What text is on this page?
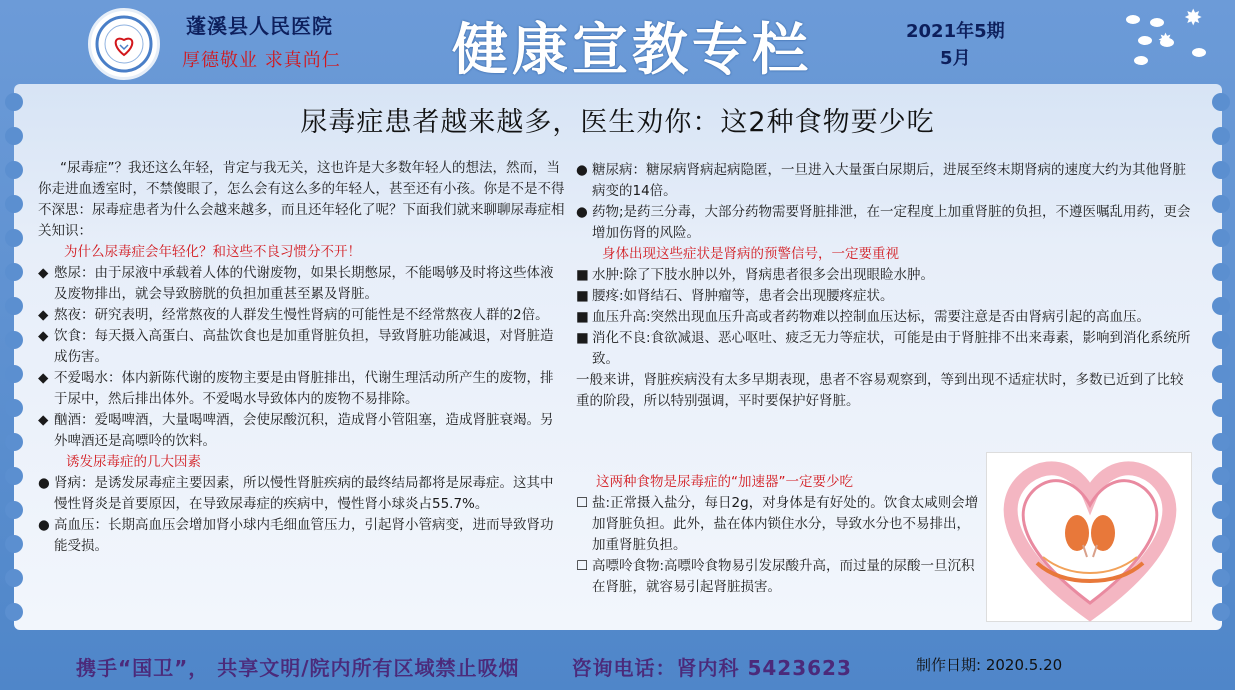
蓬溪县人民医院
厚德敬业 求真尚仁 健康宣教专栏	2021年5期
5月
✸
✸
尿毒症患者越来越多，医生劝你：这2种食物要少吃

“尿毒症”？我还这么年轻，肯定与我无关，这也许是大多数年轻人的想法，然而，当你走进血透室时，不禁傻眼了，怎么会有这么多的年轻人，甚至还有小孩。你是不是不得不深思：尿毒症患者为什么会越来越多，而且还年轻化了呢？下面我们就来聊聊尿毒症相关知识：

为什么尿毒症会年轻化？和这些不良习惯分不开！

◆ 憋尿：由于尿液中承载着人体的代谢废物，如果长期憋尿，不能喝够及时将这些体液及废物排出，就会导致膀胱的负担加重甚至累及肾脏。
◆ 熬夜：研究表明，经常熬夜的人群发生慢性肾病的可能性是不经常熬夜人群的2倍。
◆ 饮食：每天摄入高蛋白、高盐饮食也是加重肾脏负担，导致肾脏功能减退，对肾脏造成伤害。
◆ 不爱喝水：体内新陈代谢的废物主要是由肾脏排出，代谢生理活动所产生的废物，排于尿中，然后排出体外。不爱喝水导致体内的废物不易排除。
◆ 酗酒：爱喝啤酒，大量喝啤酒，会使尿酸沉积，造成肾小管阻塞，造成肾脏衰竭。另外啤酒还是高嘌呤的饮料。

诱发尿毒症的几大因素

● 肾病：是诱发尿毒症主要因素，所以慢性肾脏疾病的最终结局都将是尿毒症。这其中慢性肾炎是首要原因，在导致尿毒症的疾病中，慢性肾小球炎占55.7%。
● 高血压：长期高血压会增加肾小球内毛细血管压力，引起肾小管病变，进而导致肾功能受损。
● 糖尿病：糖尿病肾病起病隐匿，一旦进入大量蛋白尿期后，进展至终末期肾病的速度大约为其他肾脏病变的14倍。
● 药物;是药三分毒，大部分药物需要肾脏排泄，在一定程度上加重肾脏的负担，不遵医嘱乱用药，更会增加伤肾的风险。

身体出现这些症状是肾病的预警信号，一定要重视

■ 水肿:除了下肢水肿以外，肾病患者很多会出现眼睑水肿。
■ 腰疼:如肾结石、肾肿瘤等，患者会出现腰疼症状。
■ 血压升高:突然出现血压升高或者药物难以控制血压达标，需要注意是否由肾病引起的高血压。
■ 消化不良:食欲减退、恶心呕吐、疲乏无力等症状，可能是由于肾脏排不出来毒素，影响到消化系统所致。

一般来讲，肾脏疾病没有太多早期表现，患者不容易观察到，等到出现不适症状时，多数已近到了比较重的阶段，所以特别强调，平时要保护好肾脏。

这两种食物是尿毒症的“加速器”一定要少吃

☐ 盐:正常摄入盐分，每日2g，对身体是有好处的。饮食太咸则会增加肾脏负担。此外，盐在体内锁住水分，导致水分也不易排出，加重肾脏负担。
☐ 高嘌呤食物:高嘌呤食物易引发尿酸升高，而过量的尿酸一旦沉积在肾脏，就容易引起肾脏损害。
携手“国卫”， 共享文明/院内所有区域禁止吸烟	咨询电话：肾内科 5423623	制作日期: 2020.5.20
